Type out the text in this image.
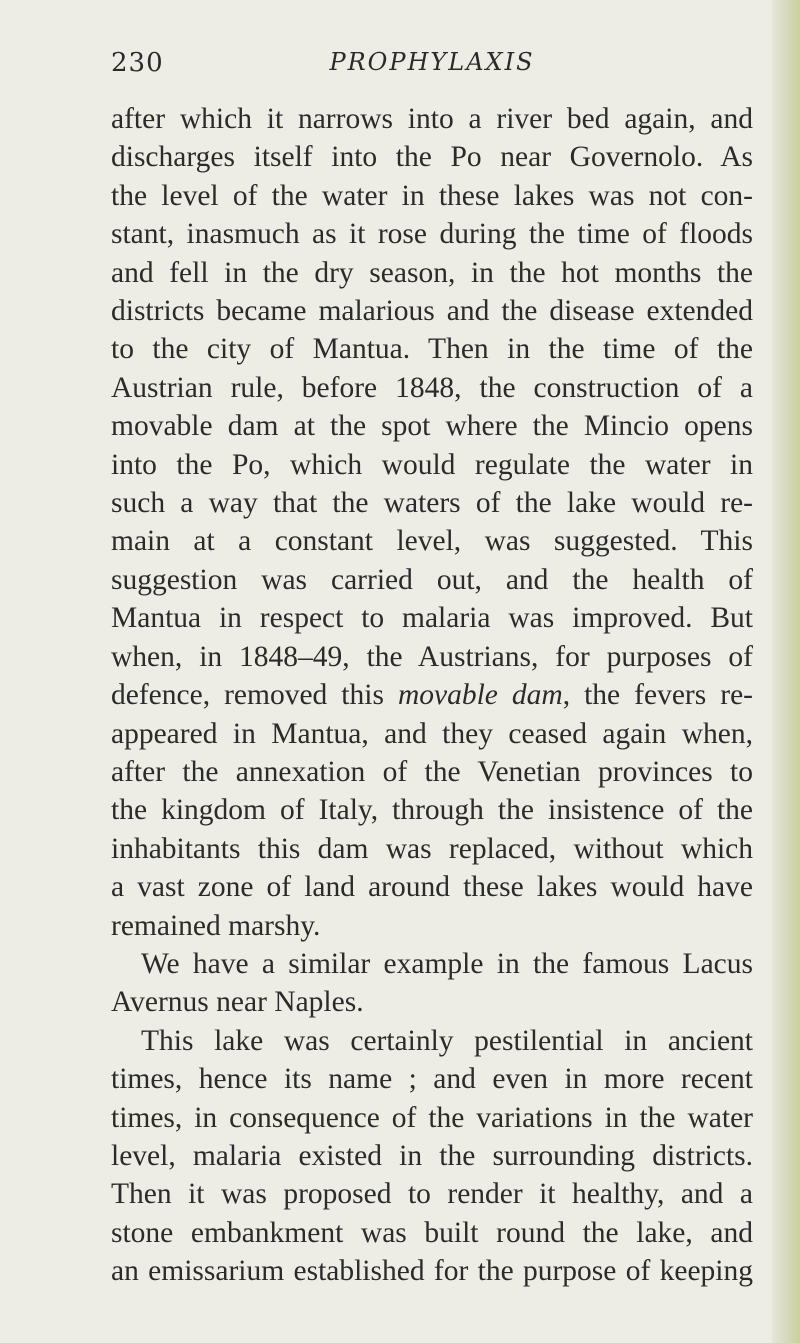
230	PROPHYLAXIS

after which it narrows into a river bed again, and
discharges itself into the Po near Governolo. As
the level of the water in these lakes was not con-
stant, inasmuch as it rose during the time of floods
and fell in the dry season, in the hot months the
districts became malarious and the disease extended
to the city of Mantua. Then in the time of the
Austrian rule, before 1848, the construction of a
movable dam at the spot where the Mincio opens
into the Po, which would regulate the water in
such a way that the waters of the lake would re-
main at a constant level, was suggested. This
suggestion was carried out, and the health of
Mantua in respect to malaria was improved. But
when, in 1848–49, the Austrians, for purposes of
defence, removed this movable dam, the fevers re-
appeared in Mantua, and they ceased again when,
after the annexation of the Venetian provinces to
the kingdom of Italy, through the insistence of the
inhabitants this dam was replaced, without which
a vast zone of land around these lakes would have
remained marshy.

We have a similar example in the famous Lacus
Avernus near Naples.

This lake was certainly pestilential in ancient
times, hence its name ; and even in more recent
times, in consequence of the variations in the water
level, malaria existed in the surrounding districts.
Then it was proposed to render it healthy, and a
stone embankment was built round the lake, and
an emissarium established for the purpose of keeping
